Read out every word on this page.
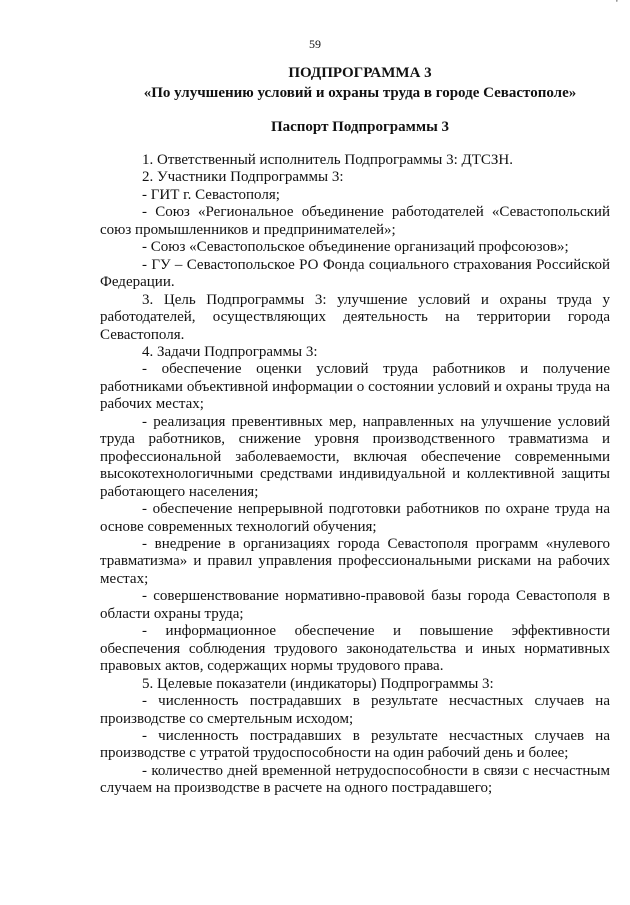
⠁
59
ПОДПРОГРАММА 3
«По улучшению условий и охраны труда в городе Севастополе»
Паспорт Подпрограммы 3

1. Ответственный исполнитель Подпрограммы 3: ДТСЗН.

2. Участники Подпрограммы 3:

- ГИТ г. Севастополя;

- Союз «Региональное объединение работодателей «Севастопольский союз промышленников и предпринимателей»;

- Союз «Севастопольское объединение организаций профсоюзов»;

- ГУ – Севастопольское РО Фонда социального страхования Российской Федерации.

3. Цель Подпрограммы 3: улучшение условий и охраны труда у работодателей, осуществляющих деятельность на территории города Севастополя.

4. Задачи Подпрограммы 3:

- обеспечение оценки условий труда работников и получение работниками объективной информации о состоянии условий и охраны труда на рабочих местах;

- реализация превентивных мер, направленных на улучшение условий труда работников, снижение уровня производственного травматизма и профессиональной заболеваемости, включая обеспечение современными высокотехнологичными средствами индивидуальной и коллективной защиты работающего населения;

- обеспечение непрерывной подготовки работников по охране труда на основе современных технологий обучения;

- внедрение в организациях города Севастополя программ «нулевого травматизма» и правил управления профессиональными рисками на рабочих местах;

- совершенствование нормативно-правовой базы города Севастополя в области охраны труда;

- информационное обеспечение и повышение эффективности обеспечения соблюдения трудового законодательства и иных нормативных правовых актов, содержащих нормы трудового права.

5. Целевые показатели (индикаторы) Подпрограммы 3:

- численность пострадавших в результате несчастных случаев на производстве со смертельным исходом;

- численность пострадавших в результате несчастных случаев на производстве с утратой трудоспособности на один рабочий день и более;

- количество дней временной нетрудоспособности в связи с несчастным случаем на производстве в расчете на одного пострадавшего;
